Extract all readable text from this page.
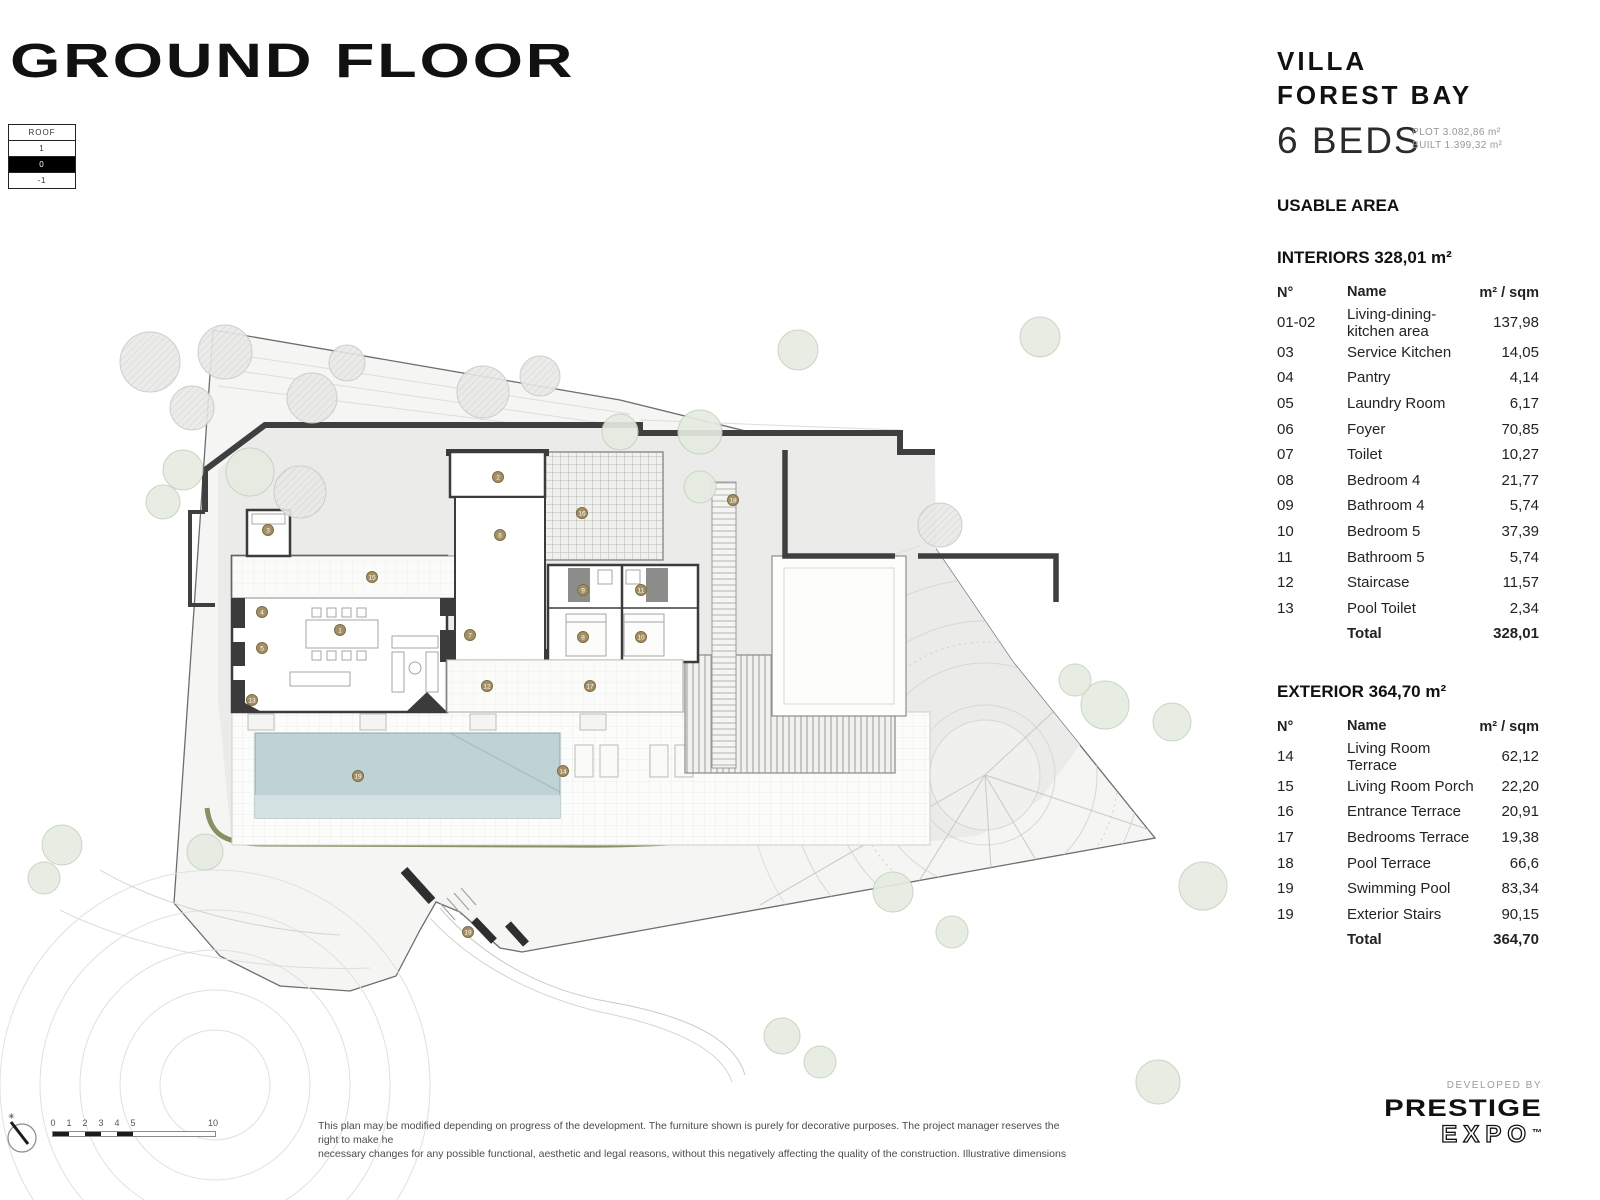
2
16
6
18
3
15
1
4
5
7
9	11
8	10
12	17
13
14
19
19
GROUND FLOOR
ROOF
1
0
-1
VILLA
FOREST BAY
6 BEDS
PLOT 3.082,86 m²
BUILT 1.399,32 m²
USABLE AREA
INTERIORS 328,01 m²
N°	Name	m² / sqm
01-02	Living-dining-kitchen area	137,98
03	Service Kitchen	14,05
04	Pantry	4,14
05	Laundry Room	6,17
06	Foyer	70,85
07	Toilet	10,27
08	Bedroom 4	21,77
09	Bathroom 4	5,74
10	Bedroom 5	37,39
11	Bathroom 5	5,74
12	Staircase	11,57
13	Pool Toilet	2,34
Total	328,01
EXTERIOR 364,70 m²
N°	Name	m² / sqm
14	Living Room Terrace	62,12
15	Living Room Porch	22,20
16	Entrance Terrace	20,91
17	Bedrooms Terrace	19,38
18	Pool Terrace	66,6
19	Swimming Pool	83,34
19	Exterior Stairs	90,15
Total	364,70
✳
0 1 2 3 4 5	10	This plan may be modified depending on progress of the development. The furniture shown is purely for decorative purposes. The project manager reserves the right to make he
necessary changes for any possible functional, aesthetic and legal reasons, without this negatively affecting the quality of the construction. Illustrative dimensions
DEVELOPED BY
PRESTIGE
EXPO™
